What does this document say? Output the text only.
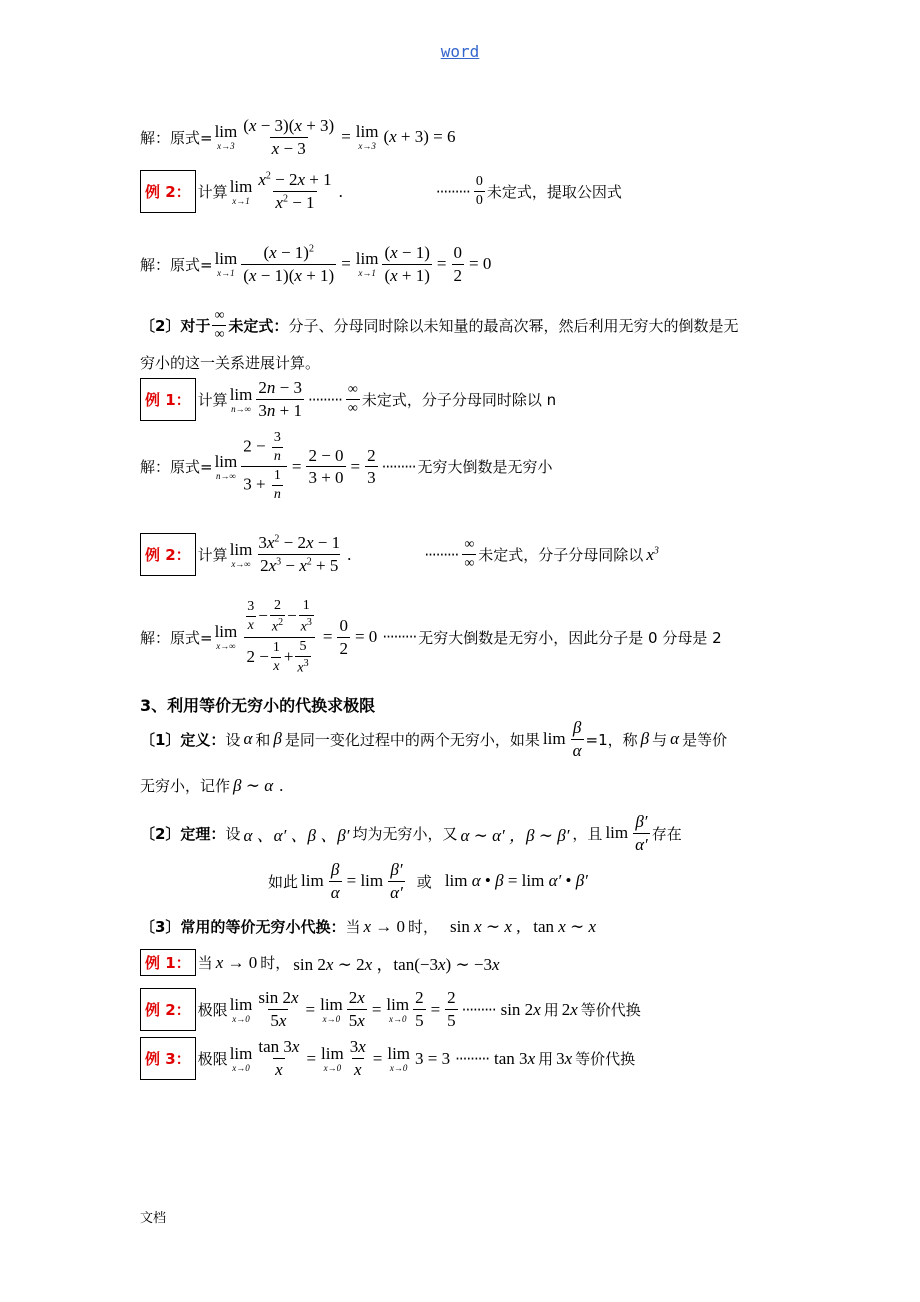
word
解：原式= lim
$x\to 3 \frac{(x - 3)(x + 3)}{x - 3} = \lim$
x→3 (x + 3) = 6
例 2： 计算 lim
$x\to 1 \frac{x^2 - 2x + 1}{x^2 - 1}$ .	········· $\frac{0}{0}$ 未定式，提取公因式
解：原式= lim
$x\to 1 \frac{(x - 1)^2}{(x - 1)(x + 1)} = \lim$
$x\to 1 \frac{(x - 1)}{(x + 1)} = \frac{0}{2} = 0$
〔2〕对于 $\frac{\infty}{\infty}$ 未定式： 分子、分母同时除以未知量的最高次幂，然后利用无穷大的倒数是无
穷小的这一关系进展计算。
例 1： 计算 lim
$n\to\infty \frac{2n - 3}{3n + 1}$ ········· $\frac{\infty}{\infty}$ 未定式，分子分母同时除以 n
解：原式= lim
$n\to\infty \frac{2 - \frac{3}{n}}{3 + \frac{1}{n}} = \frac{2 - 0}{3 + 0} = \frac{2}{3}$ ········· 无穷大倒数是无穷小
例 2： 计算 lim
$x\to\infty \frac{3x^2 - 2x - 1}{2x^3 - x^2 + 5}$ .	········· $\frac{\infty}{\infty}$ 未定式，分子分母同除以 $x^3$
解：原式= lim
$x\to\infty \frac{\frac{3}{x} - \frac{2}{x^2} - \frac{1}{x^3}}{2 - \frac{1}{x} + \frac{5}{x^3}} = \frac{0}{2} = 0$ ········· 无穷大倒数是无穷小，因此分子是 0 分母是 2
3、利用等价无穷小的代换求极限
〔1〕定义： 设 α 和 β 是同一变化过程中的两个无穷小，如果 $\lim \frac{\beta}{\alpha} =1$，称 β 与 α 是等价
无穷小，记作 β ∼ α .
〔2〕定理： 设 α 、α′ 、β 、β′ 均为无穷小，又 α ∼ α′ ，β ∼ β′ ，且 $\lim \frac{\beta'}{\alpha'}$ 存在
如此 $\lim \frac{\beta}{\alpha} = \lim \frac{\beta'}{\alpha'}$ 或 lim α • β = lim α′ • β′
〔3〕常用的等价无穷小代换： 当 x → 0 时， sin x ∼ x ,   tan x ∼ x
例 1： 当 x → 0 时， sin 2x ∼ 2x ，tan(−3x) ∼ −3x
例 2： 极限 lim
$x\to 0 \frac{\sin 2x}{5x} = \lim$
$x\to 0 \frac{2x}{5x} = \lim$
$x\to 0 \frac{2}{5} = \frac{2}{5}$ ········· sin 2x 用 2x 等价代换
例 3： 极限 lim
$x\to 0 \frac{\tan 3x}{x} = \lim$
$x\to 0 \frac{3x}{x} = \lim$
x→0 3 = 3 ········· tan 3x 用 3x 等价代换
文档
